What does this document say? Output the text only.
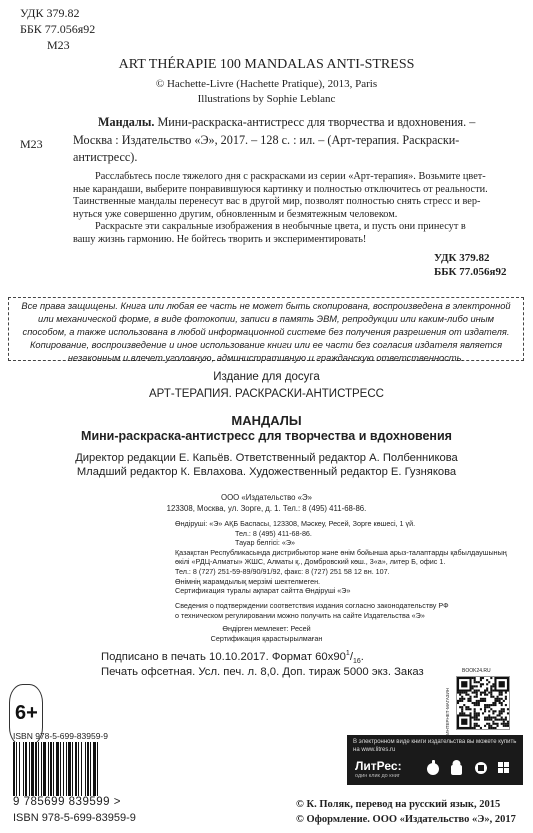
УДК 379.82
ББК 77.056я92
M23
ART THÉRAPIE 100 MANDALAS ANTI-STRESS
© Hachette-Livre (Hachette Pratique), 2013, Paris
Illustrations by Sophie Leblanc
M23
Мандалы. Мини-раскраска-антистресс для творчества и вдохновения. –
Москва : Издательство «Э», 2017. – 128 с. : ил. – (Арт-терапия. Раскраски-
антистресс).
Расслабьтесь после тяжелого дня с раскрасками из серии «Арт-терапия». Возьмите цвет-
ные карандаши, выберите понравившуюся картинку и полностью отключитесь от реальности.
Таинственные мандалы перенесут вас в другой мир, позволят полностью снять стресс и вер-
нуться уже совершенно другим, обновленным и безмятежным человеком.
Раскрасьте эти сакральные изображения в необычные цвета, и пусть они принесут в
вашу жизнь гармонию. Не бойтесь творить и экспериментировать!
УДК 379.82
ББК 77.056я92
Все права защищены. Книга или любая ее часть не может быть скопирована, воспроизведена в электронной
или механической форме, в виде фотокопии, записи в память ЭВМ, репродукции или каким-либо иным
способом, а также использована в любой информационной системе без получения разрешения от издателя.
Копирование, воспроизведение и иное использование книги или ее части без согласия издателя является
незаконным и влечет уголовную, административную и гражданскую ответственность.
Издание для досуга
АРТ-ТЕРАПИЯ. РАСКРАСКИ-АНТИСТРЕСС
МАНДАЛЫ
Мини-раскраска-антистресс для творчества и вдохновения
Директор редакции Е. Капьёв. Ответственный редактор А. Полбенникова
Младший редактор К. Евлахова. Художественный редактор Е. Гузнякова
ООО «Издательство «Э»
123308, Москва, ул. Зорге, д. 1. Тел.: 8 (495) 411-68-86.
Өндіруші: «Э» АҚБ Баспасы, 123308, Мәскеу, Ресей, Зорге көшесі, 1 үй.
Тел.: 8 (495) 411-68-86.
Тауар белгісі: «Э»
Қазақстан Республикасында дистрибьютор және өнім бойынша арыз-талаптарды қабылдаушының
өкілі «РДЦ-Алматы» ЖШС, Алматы қ., Домбровский көш., 3«а», литер Б, офис 1.
Тел.: 8 (727) 251-59-89/90/91/92, факс: 8 (727) 251 58 12 вн. 107.
Өнімнің жарамдылық мерзімі шектелмеген.
Сертификация туралы ақпарат сайтта Өндіруші «Э»
Сведения о подтверждении соответствия издания согласно законодательству РФ
о техническом регулировании можно получить на сайте Издательства «Э»
Өндірген мемлекет: Ресей
Сертификация қарастырылмаған
Подписано в печать 10.10.2017. Формат $60x90^1/_{16}$.
Печать офсетная. Усл. печ. л. 8,0. Доп. тираж 5000 экз. Заказ
6+
ISBN 978-5-699-83959-9
9 785699 839599 >
ISBN 978-5-699-83959-9
BOOK24.RU
ИНТЕРНЕТ-МАГАЗИН
В электронном виде книги издательства вы можете купить на www.litres.ru
ЛитРес:
один клик до книг
© К. Поляк, перевод на русский язык, 2015
© Оформление. ООО «Издательство «Э», 2017
